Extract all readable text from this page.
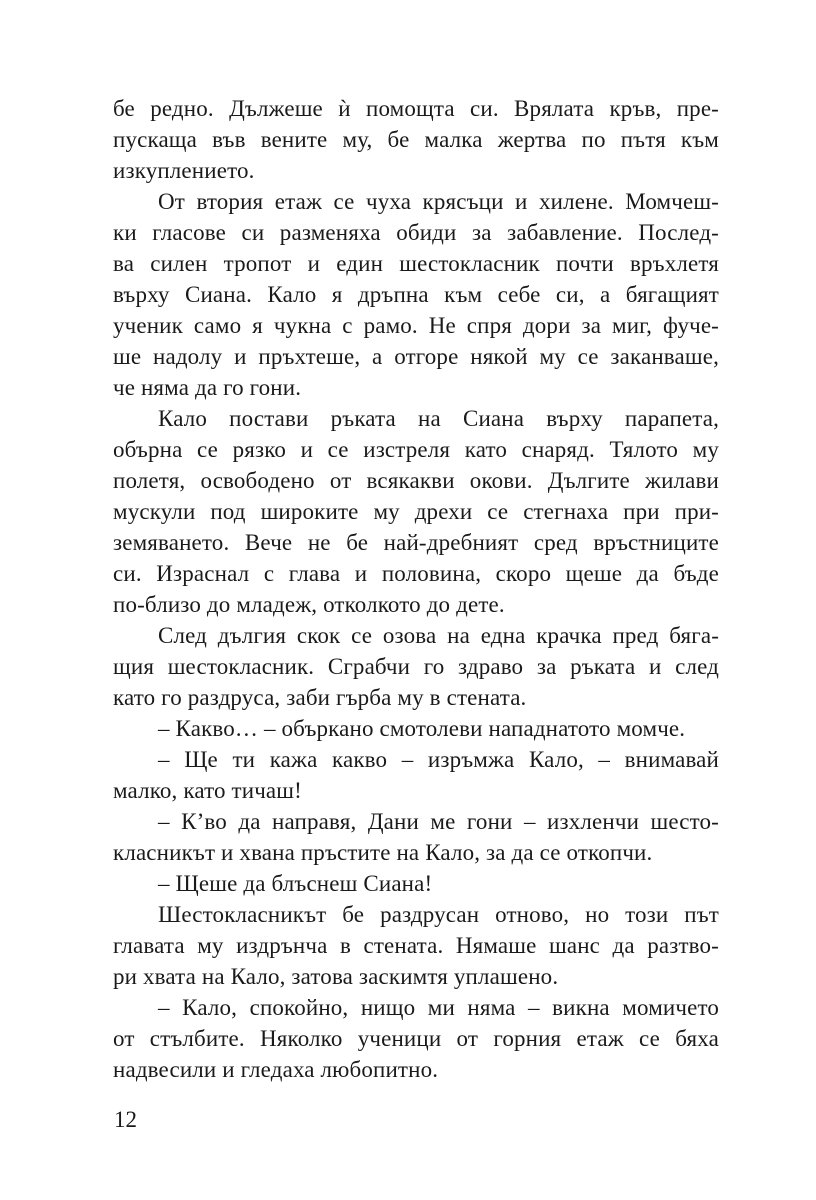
бе редно. Дължеше ѝ помощта си. Врялата кръв, пре-
пускаща във вените му, бе малка жертва по пътя към
изкуплението.
От втория етаж се чуха крясъци и хилене. Момчеш-
ки гласове си разменяха обиди за забавление. Послед-
ва силен тропот и един шестокласник почти връхлетя
върху Сиана. Кало я дръпна към себе си, а бягащият
ученик само я чукна с рамо. Не спря дори за миг, фуче-
ше надолу и пръхтеше, а отгоре някой му се заканваше,
че няма да го гони.
Кало постави ръката на Сиана върху парапета,
обърна се рязко и се изстреля като снаряд. Тялото му
полетя, освободено от всякакви окови. Дългите жилави
мускули под широките му дрехи се стегнаха при при-
земяването. Вече не бе най-дребният сред връстниците
си. Израснал с глава и половина, скоро щеше да бъде
по-близо до младеж, отколкото до дете.
След дългия скок се озова на една крачка пред бяга-
щия шестокласник. Сграбчи го здраво за ръката и след
като го раздруса, заби гърба му в стената.
– Какво… – объркано смотолеви нападнатото момче.
– Ще ти кажа какво – изръмжа Кало, – внимавай
малко, като тичаш!
– К’во да направя, Дани ме гони – изхленчи шесто-
класникът и хвана пръстите на Кало, за да се откопчи.
– Щеше да блъснеш Сиана!
Шестокласникът бе раздрусан отново, но този път
главата му издрънча в стената. Нямаше шанс да разтво-
ри хвата на Кало, затова заскимтя уплашено.
– Кало, спокойно, нищо ми няма – викна момичето
от стълбите. Няколко ученици от горния етаж се бяха
надвесили и гледаха любопитно.
12
